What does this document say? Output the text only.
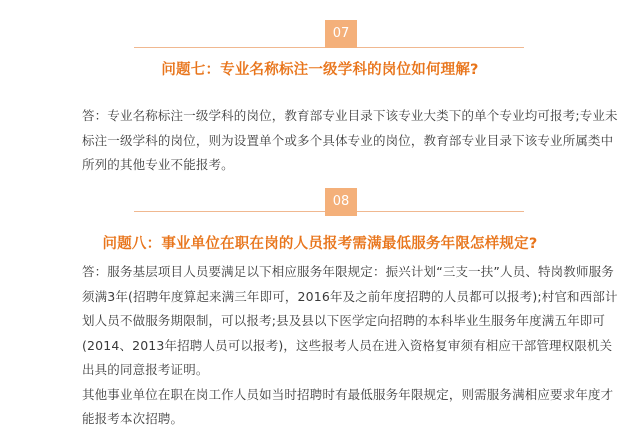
07
问题七：专业名称标注一级学科的岗位如何理解?

答：专业名称标注一级学科的岗位，教育部专业目录下该专业大类下的单个专业均可报考;专业未标注一级学科的岗位，则为设置单个或多个具体专业的岗位，教育部专业目录下该专业所属类中所列的其他专业不能报考。

08
问题八：事业单位在职在岗的人员报考需满最低服务年限怎样规定?

答：服务基层项目人员要满足以下相应服务年限规定：振兴计划“三支一扶”人员、特岗教师服务须满3年(招聘年度算起来满三年即可，2016年及之前年度招聘的人员都可以报考);村官和西部计划人员不做服务期限制，可以报考;县及县以下医学定向招聘的本科毕业生服务年度满五年即可(2014、2013年招聘人员可以报考)，这些报考人员在进入资格复审须有相应干部管理权限机关出具的同意报考证明。

其他事业单位在职在岗工作人员如当时招聘时有最低服务年限规定，则需服务满相应要求年度才能报考本次招聘。
